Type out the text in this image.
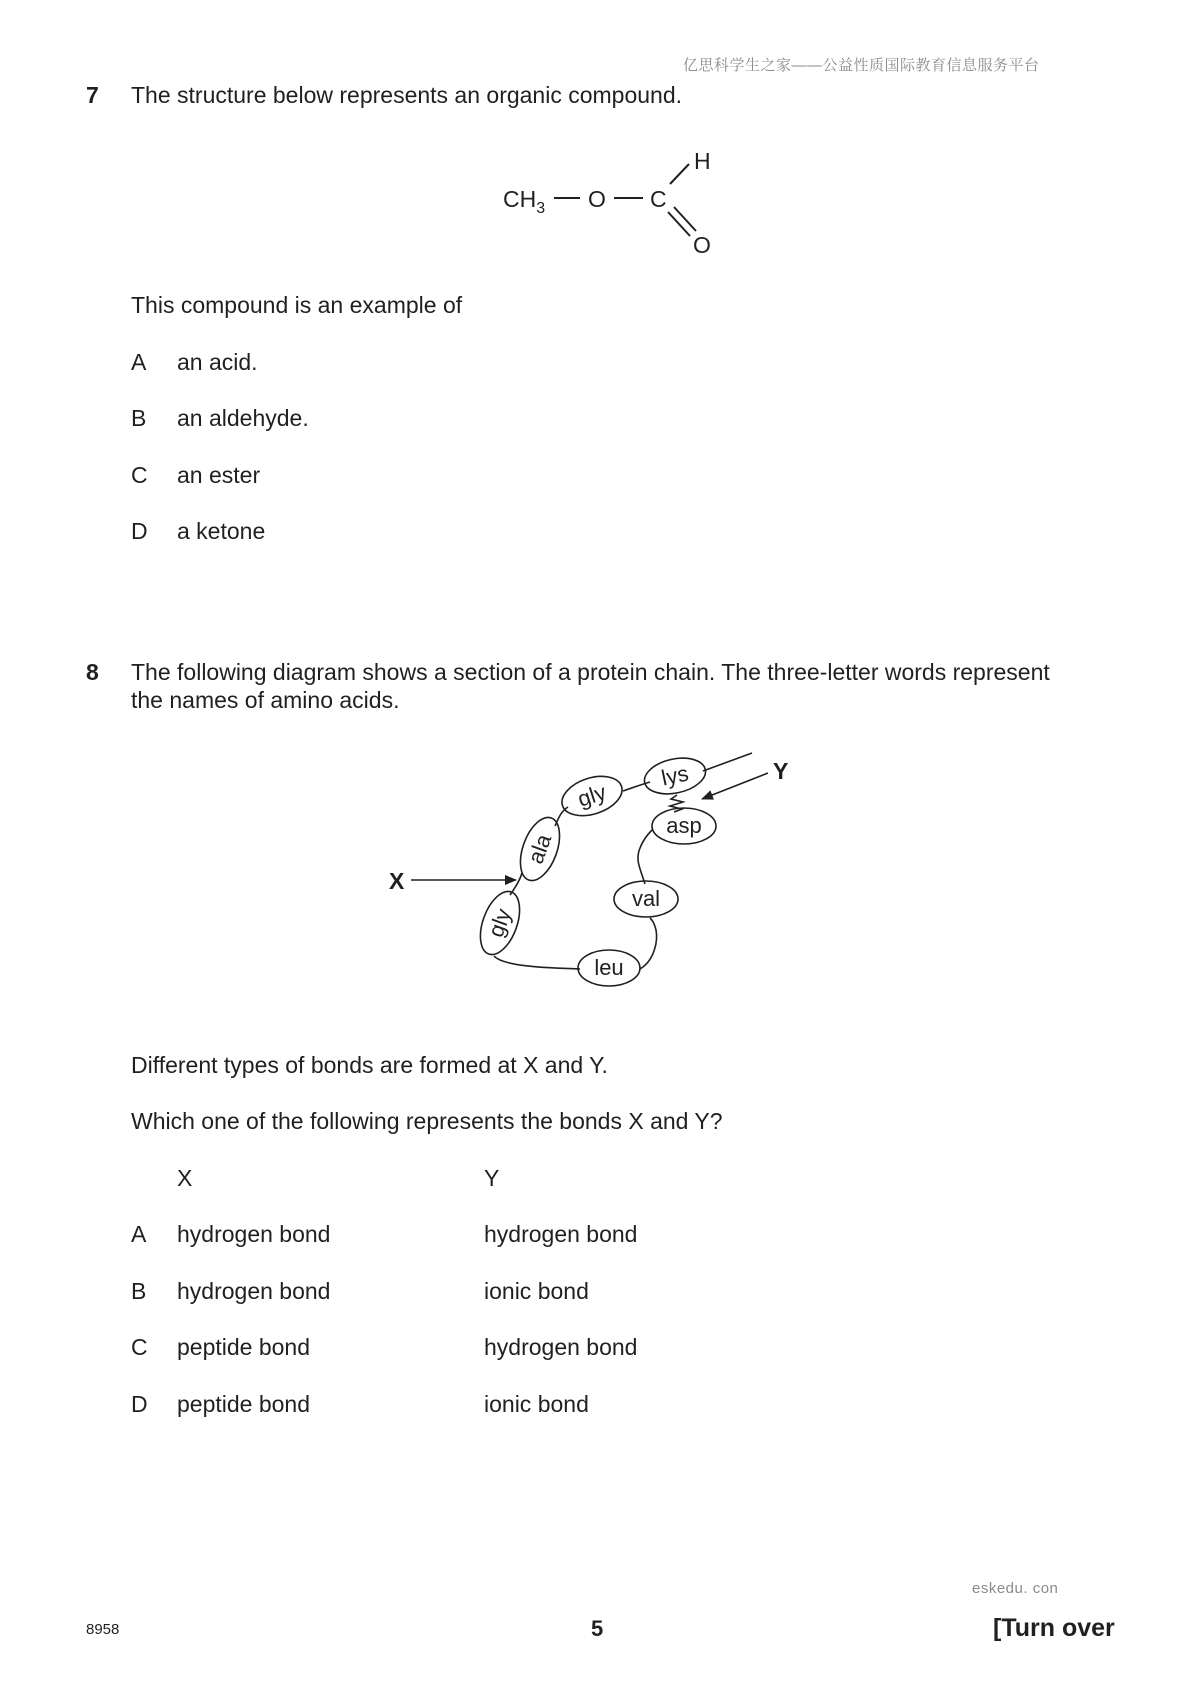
亿思科学生之家——公益性质国际教育信息服务平台
7 The structure below represents an organic compound.
$CH_3$ O C
H
O
This compound is an example of
A an acid.
B an aldehyde.
C an ester
D a ketone
8 The following diagram shows a section of a protein chain. The three-letter words represent
the names of amino acids.
gly
lys
asp
ala
gly
val
leu
X
Y
Different types of bonds are formed at X and Y.
Which one of the following represents the bonds X and Y?
X	Y
A hydrogen bond	hydrogen bond
B hydrogen bond	ionic bond
C peptide bond	hydrogen bond
D peptide bond	ionic bond
eskedu. con
8958	5	[Turn over
